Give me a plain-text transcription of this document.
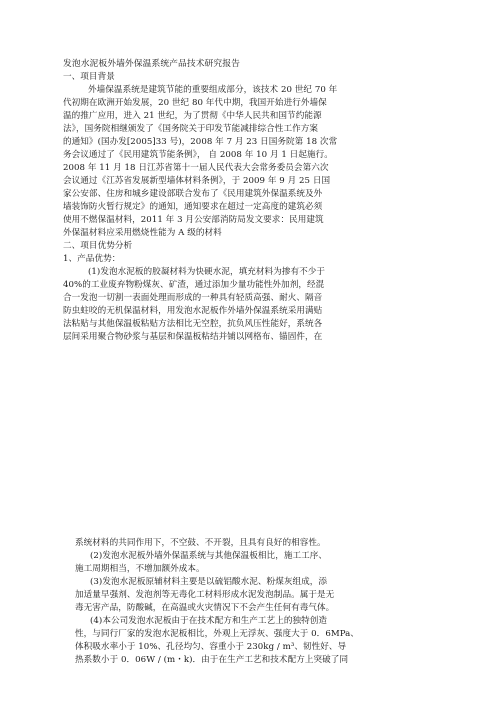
发泡水泥板外墙外保温系统产品技术研究报告
一、项目背景
外墙保温系统是建筑节能的重要组成部分，该技术 20 世纪 70 年
代初期在欧洲开始发展，20 世纪 80 年代中期，我国开始进行外墙保
温的推广应用，进入 21 世纪，为了贯彻《中华人民共和国节约能源
法》，国务院相继颁发了《国务院关于印发节能减排综合性工作方案
的通知》(国办发[2005]33 号)，2008 年 7 月 23 日国务院第 18 次常
务会议通过了《民用建筑节能条例》， 自 2008 年 10 月 1 日起施行。
2008 年 11 月 18 日江苏省第十一届人民代表大会常务委员会第六次
会议通过《江苏省发展新型墙体材料条例》，于 2009 年 9 月 25 日国
家公安部、住房和城乡建设部联合发布了《民用建筑外保温系统及外
墙装饰防火暂行规定》的通知，通知要求在超过一定高度的建筑必须
使用不燃保温材料，2011 年 3 月公安部消防局发文要求：民用建筑
外保温材料应采用燃烧性能为 A 级的材料
二、项目优势分析
1、产品优势：
(1)发泡水泥板的胶凝材料为快硬水泥，填充材料为掺有不少于
40%的工业废弃物粉煤灰、矿渣，通过添加少量功能性外加剂，经混
合一发泡一切割一表面处理而形成的一种具有轻质高强、耐火、隔音
防虫蛀咬的无机保温材料，用发泡水泥板作外墙外保温系统采用满贴
法粘贴与其他保温板粘贴方法相比无空腔，抗负风压性能好，系统各
层间采用聚合物砂浆与基层和保温板粘结并铺以网格布、锚固件，在
系统材料的共同作用下，不空鼓、不开裂，且具有良好的相容性。
(2)发泡水泥板外墙外保温系统与其他保温板相比，施工工序、
施工周期相当，不增加额外成本。
(3)发泡水泥板原辅材料主要是以硫铝酸水泥、粉煤灰组成，添
加适量早强剂、发泡剂等无毒化工材料形成水泥发泡制品。属于是无
毒无害产品，防酸碱，在高温或火灾情况下不会产生任何有毒气体。
(4)本公司发泡水泥板由于在技术配方和生产工艺上的独特创造
性，与同行厂家的发泡水泥板相比，外观上无浮灰、强度大于 0．6MPa、
体积吸水率小于 10%、孔径均匀、容重小于 230kg / m³、韧性好、导
热系数小于 0．06W / (m・k)．由于在生产工艺和技术配方上突破了同
